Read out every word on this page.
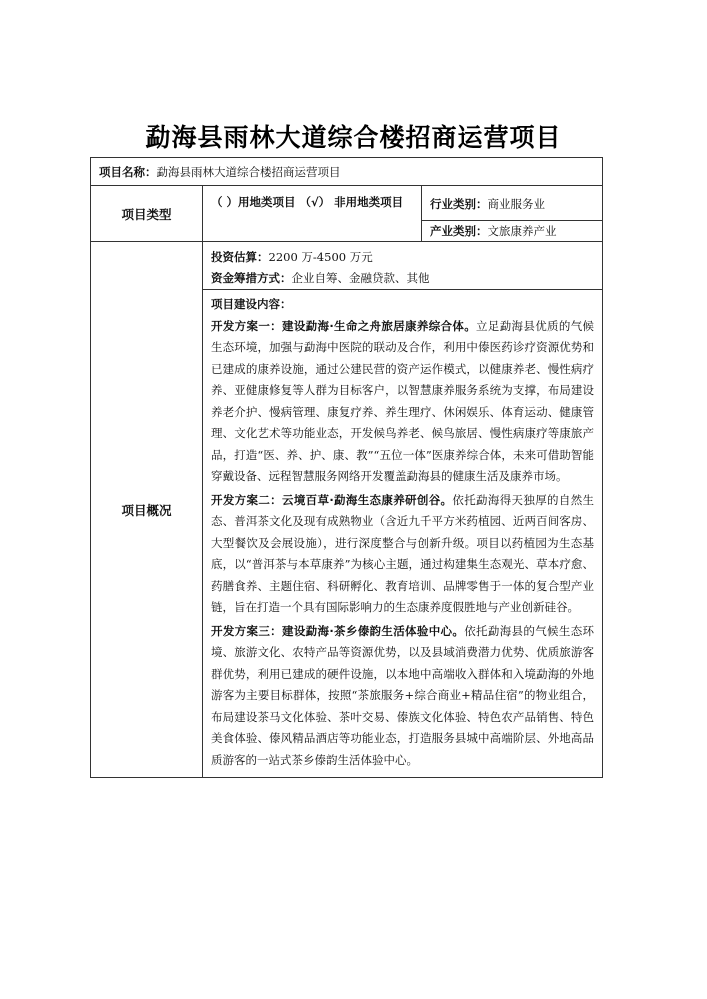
勐海县雨林大道综合楼招商运营项目
项目名称：勐海县雨林大道综合楼招商运营项目		
项目类型	（ ）用地类项目 （√） 非用地类项目	行业类别：商业服务业
		产业类别：文旅康养产业
项目概况	投资估算：2200 万-4500 万元
资金筹措方式：企业自筹、金融贷款、其他	

	项目建设内容：

开发方案一：建设勐海·生命之舟旅居康养综合体。立足勐海县优质的气候生态环境，加强与勐海中医院的联动及合作，利用中傣医药诊疗资源优势和已建成的康养设施，通过公建民营的资产运作模式，以健康养老、慢性病疗养、亚健康修复等人群为目标客户，以智慧康养服务系统为支撑，布局建设养老介护、慢病管理、康复疗养、养生理疗、休闲娱乐、体育运动、健康管理、文化艺术等功能业态，开发候鸟养老、候鸟旅居、慢性病康疗等康旅产品，打造“医、养、护、康、教”“五位一体”医康养综合体，未来可借助智能穿戴设备、远程智慧服务网络开发覆盖勐海县的健康生活及康养市场。

开发方案二：云境百草·勐海生态康养研创谷。依托勐海得天独厚的自然生态、普洱茶文化及现有成熟物业（含近九千平方米药植园、近两百间客房、大型餐饮及会展设施），进行深度整合与创新升级。项目以药植园为生态基底，以“普洱茶与本草康养”为核心主题，通过构建集生态观光、草本疗愈、药膳食养、主题住宿、科研孵化、教育培训、品牌零售于一体的复合型产业链，旨在打造一个具有国际影响力的生态康养度假胜地与产业创新硅谷。

开发方案三：建设勐海·茶乡傣韵生活体验中心。依托勐海县的气候生态环境、旅游文化、农特产品等资源优势，以及县域消费潜力优势、优质旅游客群优势，利用已建成的硬件设施，以本地中高端收入群体和入境勐海的外地游客为主要目标群体，按照“茶旅服务+综合商业+精品住宿”的物业组合，布局建设茶马文化体验、茶叶交易、傣族文化体验、特色农产品销售、特色美食体验、傣风精品酒店等功能业态，打造服务县城中高端阶层、外地高品质游客的一站式茶乡傣韵生活体验中心。	
